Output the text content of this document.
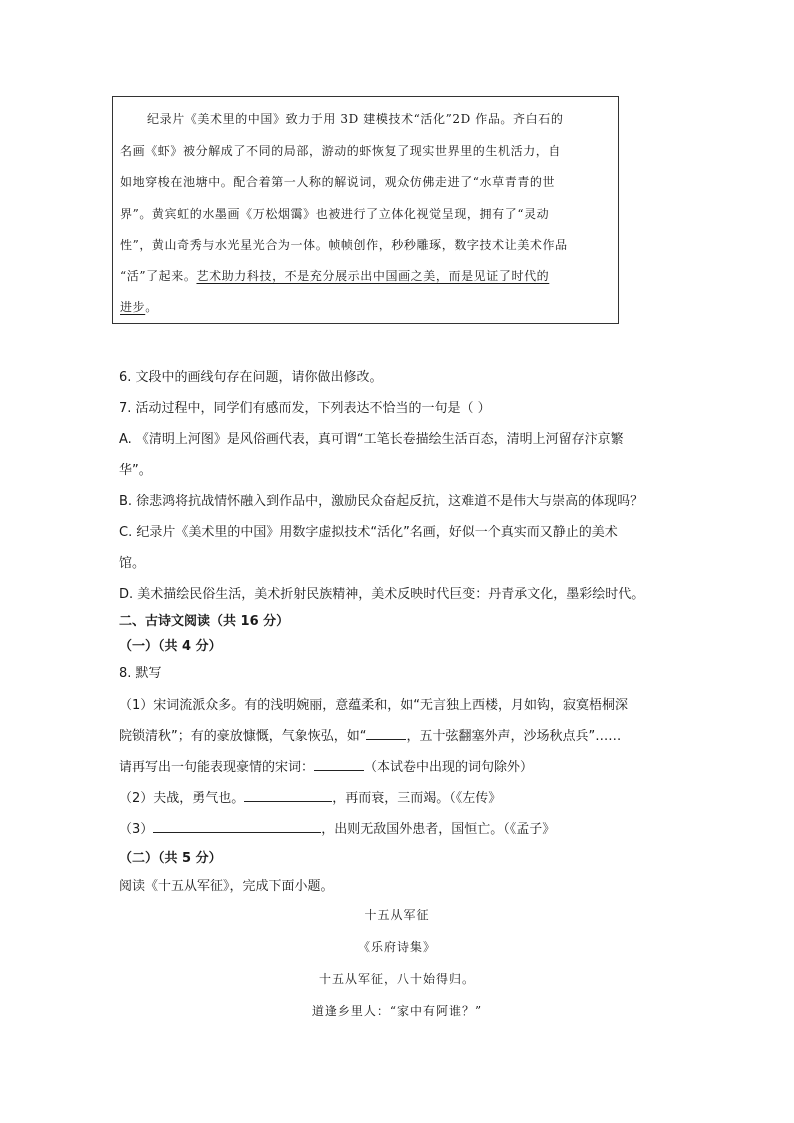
纪录片《美术里的中国》致力于用 3D 建模技术“活化”2D 作品。齐白石的
名画《虾》被分解成了不同的局部，游动的虾恢复了现实世界里的生机活力，自
如地穿梭在池塘中。配合着第一人称的解说词，观众仿佛走进了“水草青青的世
界”。黄宾虹的水墨画《万松烟霭》也被进行了立体化视觉呈现，拥有了“灵动
性”，黄山奇秀与水光星光合为一体。帧帧创作，秒秒雕琢，数字技术让美术作品
“活”了起来。艺术助力科技，不是充分展示出中国画之美，而是见证了时代的
进步。
6. 文段中的画线句存在问题，请你做出修改。
7. 活动过程中，同学们有感而发，下列表达不恰当的一句是（ ）
A. 《清明上河图》是风俗画代表，真可谓“工笔长卷描绘生活百态，清明上河留存汴京繁
华”。
B. 徐悲鸿将抗战情怀融入到作品中，激励民众奋起反抗，这难道不是伟大与崇高的体现吗？
C. 纪录片《美术里的中国》用数字虚拟技术“活化”名画，好似一个真实而又静止的美术
馆。
D. 美术描绘民俗生活，美术折射民族精神，美术反映时代巨变：丹青承文化，墨彩绘时代。
二、古诗文阅读（共 16 分）
（一）（共 4 分）
8. 默写
（1）宋词流派众多。有的浅明婉丽，意蕴柔和，如“无言独上西楼，月如钩，寂寞梧桐深
院锁清秋”；有的豪放慷慨，气象恢弘，如“	，五十弦翻塞外声，沙场秋点兵”……
请再写出一句能表现豪情的宋词：	（本试卷中出现的词句除外）
（2）夫战，勇气也。	，再而衰，三而竭。（《左传》
（3）	，出则无敌国外患者，国恒亡。（《孟子》
（二）（共 5 分）
阅读《十五从军征》，完成下面小题。
十五从军征
《乐府诗集》
十五从军征，八十始得归。
道逢乡里人：“家中有阿谁？”
